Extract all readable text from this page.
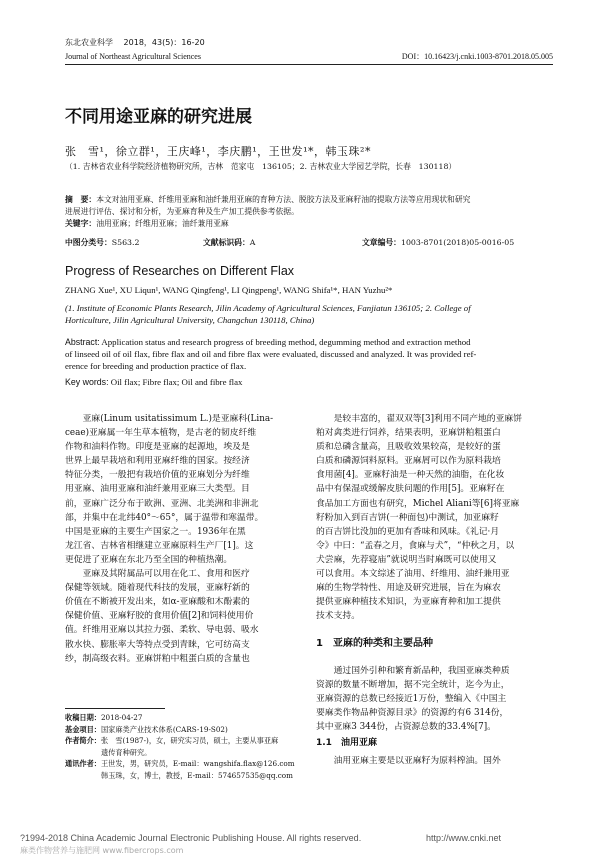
东北农业科学 2018，43(5)：16-20
Journal of Northeast Agricultural Sciences	DOI：10.16423/j.cnki.1003-8701.2018.05.005
不同用途亚麻的研究进展
张　雪¹，徐立群¹，王庆峰¹，李庆鹏¹，王世发¹*，韩玉珠²*
（1. 吉林省农业科学院经济植物研究所，吉林　范家屯　136105；2. 吉林农业大学园艺学院，长春　130118）
摘　要：本文对油用亚麻、纤维用亚麻和油纤兼用亚麻的育种方法、脱胶方法及亚麻籽油的提取方法等应用现状和研究
进展进行评估、探讨和分析，为亚麻育种及生产加工提供参考依据。
关键字：油用亚麻；纤维用亚麻；油纤兼用亚麻
中图分类号：S563.2	文献标识码：A	文章编号：1003-8701(2018)05-0016-05
Progress of Researches on Different Flax
ZHANG Xue¹, XU Liqun¹, WANG Qingfeng¹, LI Qingpeng¹, WANG Shifa¹*, HAN Yuzhu²*
(1. Institute of Economic Plants Research, Jilin Academy of Agricultural Sciences, Fanjiatun 136105; 2. College of
Horticulture, Jilin Agricultural University, Changchun 130118, China)
Abstract: Application status and research progress of breeding method, degumming method and extraction method
of linseed oil of oil flax, fibre flax and oil and fibre flax were evaluated, discussed and analyzed. It was provided ref-
erence for breeding and production practice of flax.
Key words: Oil flax; Fibre flax; Oil and fibre flax
亚麻(Linum usitatissimum L.)是亚麻科(Lina-
ceae)亚麻属一年生草本植物，是古老的韧皮纤维
作物和油料作物。印度是亚麻的起源地，埃及是
世界上最早栽培和利用亚麻纤维的国家。按经济
特征分类，一般把有栽培价值的亚麻划分为纤维
用亚麻、油用亚麻和油纤兼用亚麻三大类型。目
前，亚麻广泛分布于欧洲、亚洲、北美洲和非洲北
部，并集中在北纬40°～65°，属于温带和寒温带。
中国是亚麻的主要生产国家之一。1936年在黑
龙江省、吉林省相继建立亚麻原料生产厂[1]。这
更促进了亚麻在东北乃至全国的种植热潮。
亚麻及其附属品可以用在化工、食用和医疗
保健等领域。随着现代科技的发展，亚麻籽新的
价值在不断被开发出来，如α-亚麻酸和木酚素的
保健价值、亚麻籽胶的食用价值[2]和饲料使用价
值。纤维用亚麻以其拉力强、柔软、导电弱、吸水
散水快、膨胀率大等特点受到青睐，它可纺高支
纱，制高级衣料。亚麻饼粕中粗蛋白质的含量也
收稿日期：2018-04-27
基金项目：国家麻类产业技术体系(CARS-19-S02)
作者简介：张　雪(1987-)，女，研究实习员，硕士，主要从事亚麻
遗传育种研究。
通讯作者：王世发，男，研究员，E-mail：wangshifa.flax@126.com
韩玉珠，女，博士，教授，E-mail：574657535@qq.com
是较丰富的，翟双双等[3]利用不同产地的亚麻饼
粕对禽类进行饲养，结果表明，亚麻饼粕粗蛋白
质和总磷含量高，且吸收效果较高，是较好的蛋
白质和磷源饲料原料。亚麻屑可以作为原料栽培
食用菌[4]。亚麻籽油是一种天然的油脂，在化妆
品中有保湿或缓解皮肤问题的作用[5]。亚麻籽在
食品加工方面也有研究，Michel Aliani等[6]将亚麻
籽粉加入到百吉饼(一种面包)中测试，加亚麻籽
的百吉饼比没加的更加有香味和风味。《礼记·月
令》中曰：“孟春之月，食麻与犬”，“仲秋之月，以
犬尝麻，先荐寝庙”就说明当时麻既可以使用又
可以食用。本文综述了油用、纤维用、油纤兼用亚
麻的生物学特性、用途及研究进展，旨在为麻农
提供亚麻种植技术知识，为亚麻育种和加工提供
技术支持。
1　亚麻的种类和主要品种
通过国外引种和繁育新品种，我国亚麻类种质
资源的数量不断增加，据不完全统计，迄今为止，
亚麻资源的总数已经接近1万份，整编入《中国主
要麻类作物品种资源目录》的资源约有6 314份，
其中亚麻3 344份，占资源总数的33.4%[7]。
1.1　油用亚麻
油用亚麻主要是以亚麻籽为原料榨油。国外
?1994-2018 China Academic Journal Electronic Publishing House. All rights reserved.	http://www.cnki.net
麻类作物营养与施肥网 www.fibercrops.com
